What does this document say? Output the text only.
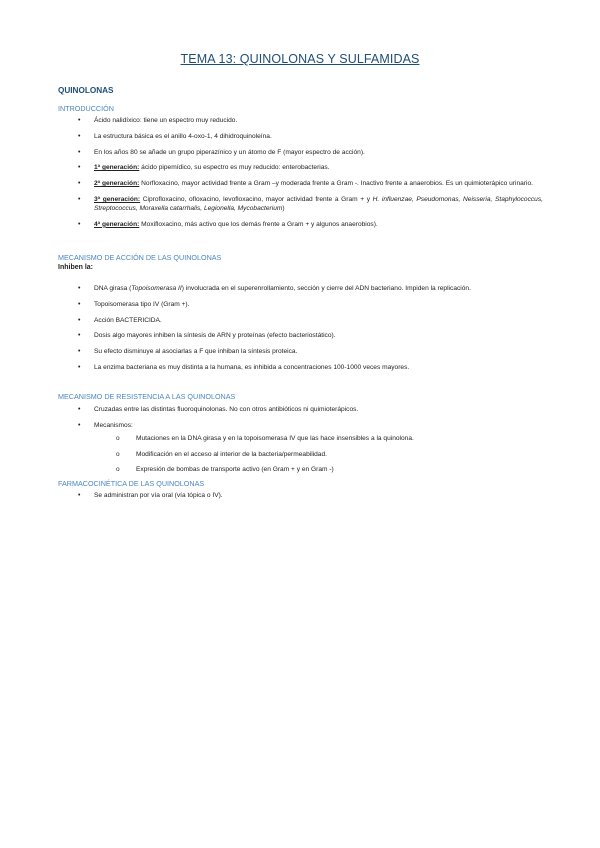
TEMA 13: QUINOLONAS Y SULFAMIDAS
QUINOLONAS
INTRODUCCIÓN
• Ácido nalidíxico: tiene un espectro muy reducido.
• La estructura básica es el anillo 4-oxo-1, 4 dihidroquinoleína.
• En los años 80 se añade un grupo piperazínico y un átomo de F (mayor espectro de acción).
• 1ª generación: ácido pipemídico, su espectro es muy reducido: enterobacterias.
• 2ª generación: Norfloxacino, mayor actividad frente a Gram –y moderada frente a Gram -. Inactivo frente a anaerobios. Es un quimioterápico urinario.
• 3ª generación: Ciprofloxacino, ofloxacino, levofloxacino, mayor actividad frente a Gram + y H. influenzae, Pseudomonas, Neisseria, Staphylococcus, Streptococcus, Moraxella catarrhalis, Legionella, Mycobacterium)
• 4ª generación: Moxifloxacino, más activo que los demás frente a Gram + y algunos anaerobios).
MECANISMO DE ACCIÓN DE LAS QUINOLONAS
Inhiben la:
• DNA girasa (Topoisomerasa II) involucrada en el superenrollamiento, sección y cierre del ADN bacteriano. Impiden la replicación.
• Topoisomerasa tipo IV (Gram +).
• Acción BACTERICIDA.
• Dosis algo mayores inhiben la síntesis de ARN y proteínas (efecto bacteriostático).
• Su efecto disminuye al asociarlas a F que inhiban la síntesis proteica.
• La enzima bacteriana es muy distinta a la humana, es inhibida a concentraciones 100-1000 veces mayores.
MECANISMO DE RESISTENCIA A LAS QUINOLONAS
• Cruzadas entre las distintas fluoroquinolonas. No con otros antibióticos ni quimioterápicos.
• Mecanismos:
o Mutaciones en la DNA girasa y en la topoisomerasa IV que las hace insensibles a la quinolona.
o Modificación en el acceso al interior de la bacteria/permeabilidad.
o Expresión de bombas de transporte activo (en Gram + y en Gram -)
FARMACOCINÉTICA DE LAS QUINOLONAS
• Se administran por vía oral (vía tópica o IV).
